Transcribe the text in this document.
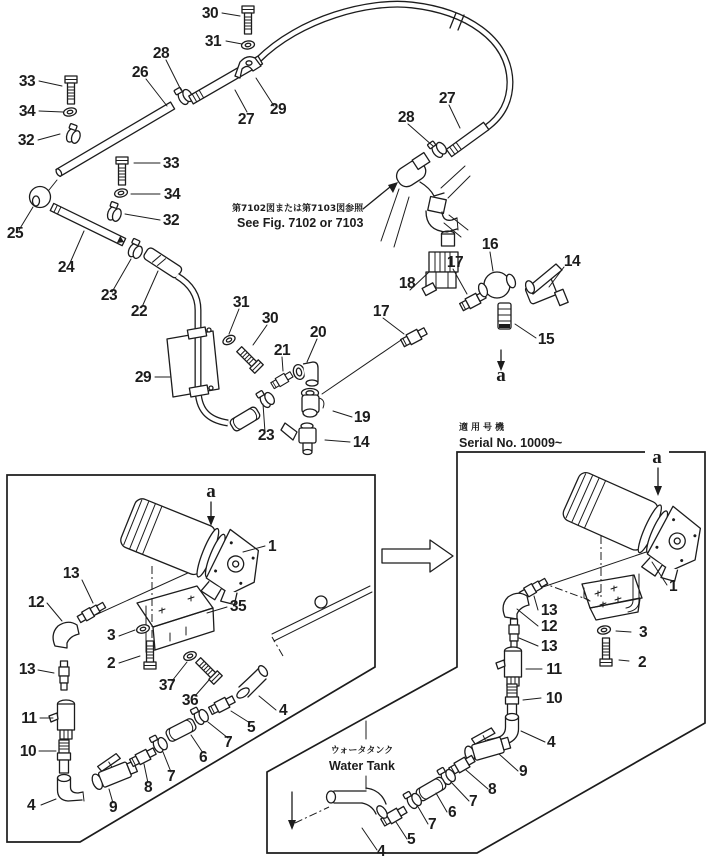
第7102図または第7103図参照
See Fig. 7102 or 7103
30
31
28
26
33
34
32
27
29
33
34
32
25
24
23
22
28
27
31
30
21
20
29
23
19
14
16
17
18
17
14
15
a
a
1
13
12
3
2
35
13
11
10
4	9
8
7
6
7
5
4
37
36
適用号機
Serial No. 10009~
ウォータタンク
Water Tank
a
1
13
12
13
11
10
4
9
8
7
6
7
5
4
3
2
